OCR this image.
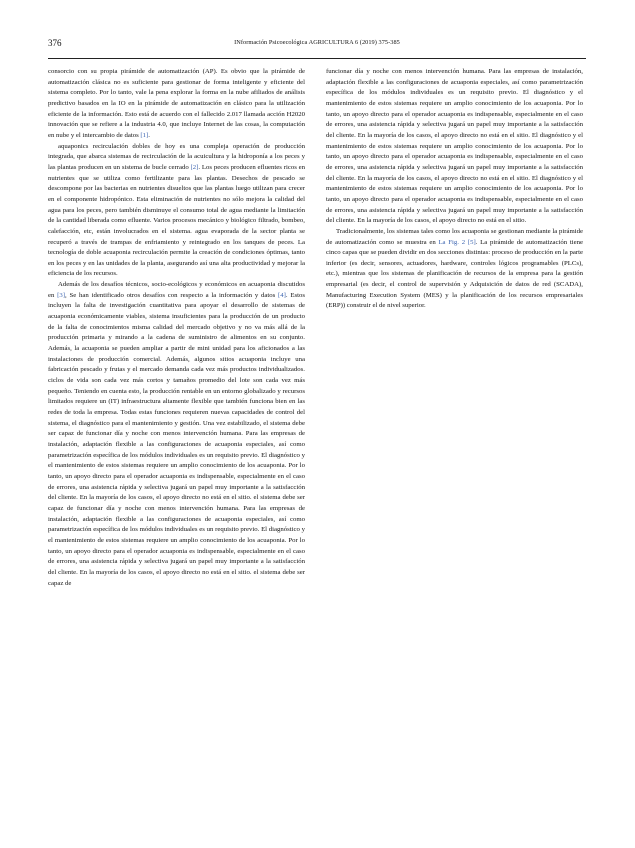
376	INformación Psicoecológica AGRICULTURA 6 (2019) 375-385

consorcio con su propia pirámide de automatización (AP). Es obvio que la pirámide de automatización clásica no es suficiente para gestionar de forma inteligente y eficiente del sistema completo. Por lo tanto, vale la pena explorar la forma en la nube afiliados de análisis predictivo basados en la IO en la pirámide de automatización en clásico para la utilización eficiente de la información. Esto está de acuerdo con el fallecido 2.017 llamada acción H2020 innovación que se refiere a la industria 4.0, que incluye Internet de las cosas, la computación en nube y el intercambio de datos [1].

aquaponics recirculación dobles de hoy es una compleja operación de producción integrada, que abarca sistemas de recirculación de la acuicultura y la hidroponía a los peces y las plantas producen en un sistema de bucle cerrado [2]. Los peces producen efluentes ricos en nutrientes que se utiliza como fertilizante para las plantas. Desechos de pescado se descompone por las bacterias en nutrientes disueltos que las plantas luego utilizan para crecer en el componente hidropónico. Esta eliminación de nutrientes no sólo mejora la calidad del agua para los peces, pero también disminuye el consumo total de agua mediante la limitación de la cantidad liberada como efluente. Varios procesos mecánico y biológico filtrado, bombeo, calefacción, etc, están involucrados en el sistema. agua evaporada de la sector planta se recuperó a través de trampas de enfriamiento y reintegrado en los tanques de peces. La tecnología de doble acuaponia recirculación permite la creación de condiciones óptimas, tanto en los peces y en las unidades de la planta, asegurando así una alta productividad y mejorar la eficiencia de los recursos.

Además de los desafíos técnicos, socio-ecológicos y económicos en acuaponia discutidos en [3], Se han identificado otros desafíos con respecto a la información y datos [4]. Estos incluyen la falta de investigación cuantitativa para apoyar el desarrollo de sistemas de acuaponia económicamente viables, sistema insuficientes para la producción de un producto de la falta de conocimientos misma calidad del mercado objetivo y no va más allá de la producción primaria y mirando a la cadena de suministro de alimentos en su conjunto. Además, la acuaponia se pueden ampliar a partir de mini unidad para los aficionados a las instalaciones de producción comercial. Además, algunos sitios acuaponia incluye una fabricación pescado y frutas y el mercado demanda cada vez más productos individualizados. ciclos de vida son cada vez más cortos y tamaños promedio del lote son cada vez más pequeño. Teniendo en cuenta esto, la producción rentable en un entorno globalizado y recursos limitados requiere un (IT) infraestructura altamente flexible que también funciona bien en las redes de toda la empresa. Todas estas funciones requieren nuevas capacidades de control del sistema, el diagnóstico para el mantenimiento y gestión. Una vez estabilizado, el sistema debe ser capaz de funcionar día y noche con menos intervención humana. Para las empresas de instalación, adaptación flexible a las configuraciones de acuaponia especiales, así como parametrización específica de los módulos individuales es un requisito previo. El diagnóstico y el mantenimiento de estos sistemas requiere un amplio conocimiento de los acuaponia. Por lo tanto, un apoyo directo para el operador acuaponia es indispensable, especialmente en el caso de errores, una asistencia rápida y selectiva jugará un papel muy importante a la satisfacción del cliente. En la mayoría de los casos, el apoyo directo no está en el sitio. el sistema debe ser capaz de funcionar día y noche con menos intervención humana. Para las empresas de instalación, adaptación flexible a las configuraciones de acuaponia especiales, así como parametrización específica de los módulos individuales es un requisito previo. El diagnóstico y el mantenimiento de estos sistemas requiere un amplio conocimiento de los acuaponia. Por lo tanto, un apoyo directo para el operador acuaponia es indispensable, especialmente en el caso de errores, una asistencia rápida y selectiva jugará un papel muy importante a la satisfacción del cliente. En la mayoría de los casos, el apoyo directo no está en el sitio. el sistema debe ser capaz de

funcionar día y noche con menos intervención humana. Para las empresas de instalación, adaptación flexible a las configuraciones de acuaponia especiales, así como parametrización específica de los módulos individuales es un requisito previo. El diagnóstico y el mantenimiento de estos sistemas requiere un amplio conocimiento de los acuaponia. Por lo tanto, un apoyo directo para el operador acuaponia es indispensable, especialmente en el caso de errores, una asistencia rápida y selectiva jugará un papel muy importante a la satisfacción del cliente. En la mayoría de los casos, el apoyo directo no está en el sitio. El diagnóstico y el mantenimiento de estos sistemas requiere un amplio conocimiento de los acuaponia. Por lo tanto, un apoyo directo para el operador acuaponia es indispensable, especialmente en el caso de errores, una asistencia rápida y selectiva jugará un papel muy importante a la satisfacción del cliente. En la mayoría de los casos, el apoyo directo no está en el sitio. El diagnóstico y el mantenimiento de estos sistemas requiere un amplio conocimiento de los acuaponia. Por lo tanto, un apoyo directo para el operador acuaponia es indispensable, especialmente en el caso de errores, una asistencia rápida y selectiva jugará un papel muy importante a la satisfacción del cliente. En la mayoría de los casos, el apoyo directo no está en el sitio.

Tradicionalmente, los sistemas tales como los acuaponia se gestionan mediante la pirámide de automatización como se muestra en La Fig. 2 [5]. La pirámide de automatización tiene cinco capas que se pueden dividir en dos secciones distintas: proceso de producción en la parte inferior (es decir, sensores, actuadores, hardware, controles lógicos programables (PLCs), etc.), mientras que los sistemas de planificación de recursos de la empresa para la gestión empresarial (es decir, el control de supervisión y Adquisición de datos de red (SCADA), Manufacturing Execution System (MES) y la planificación de los recursos empresariales (ERP)) construir el de nivel superior.
